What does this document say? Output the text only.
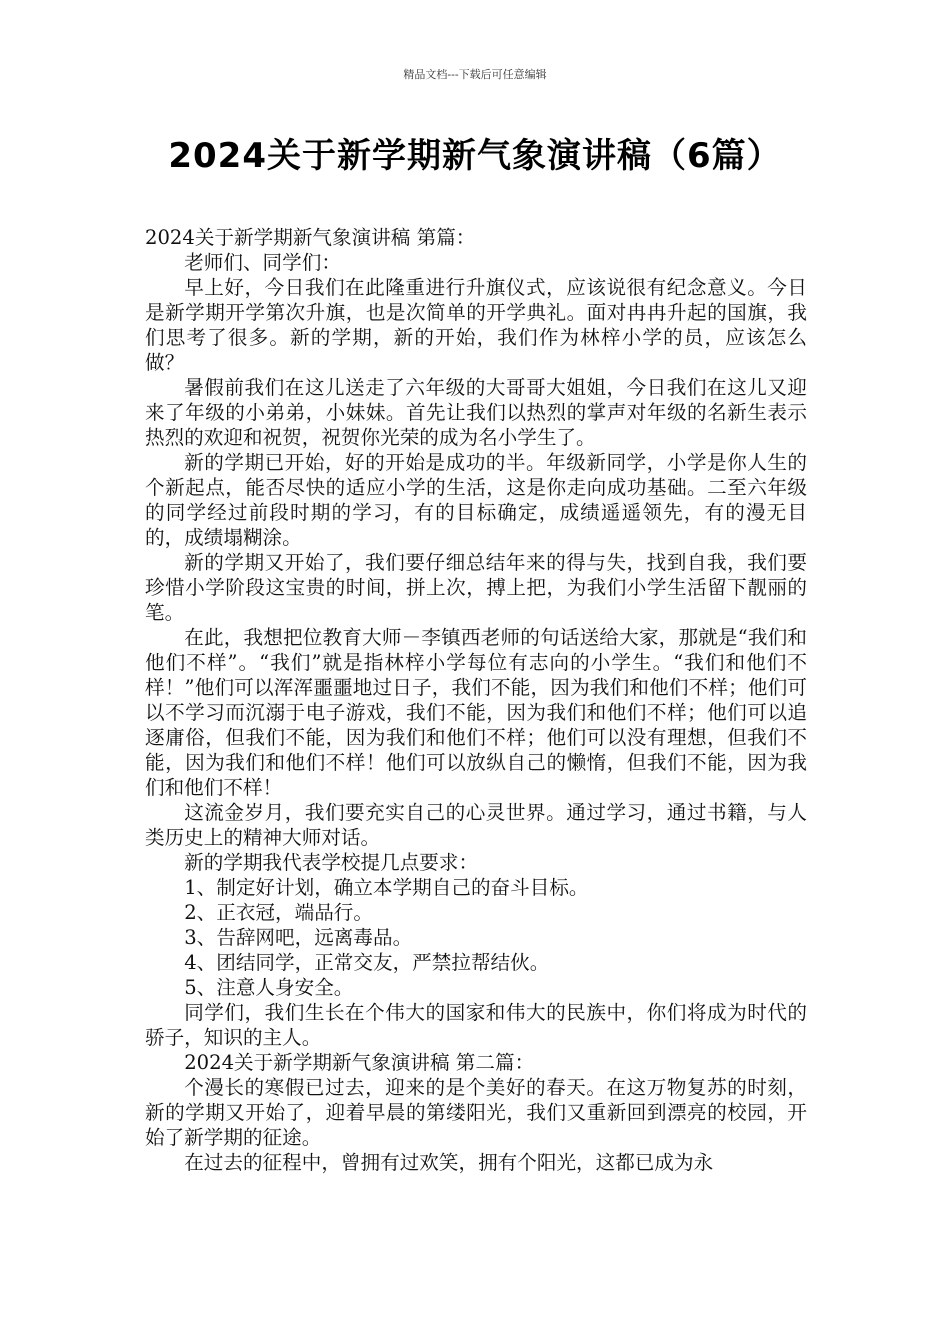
精品文档---下载后可任意编辑
2024关于新学期新气象演讲稿（6篇）

2024关于新学期新气象演讲稿 第篇：

老师们、同学们：

早上好，今日我们在此隆重进行升旗仪式，应该说很有纪念意义。今日是新学期开学第次升旗，也是次简单的开学典礼。面对冉冉升起的国旗，我们思考了很多。新的学期，新的开始，我们作为林梓小学的员，应该怎么做？

暑假前我们在这儿送走了六年级的大哥哥大姐姐，今日我们在这儿又迎来了年级的小弟弟，小妹妹。首先让我们以热烈的掌声对年级的名新生表示热烈的欢迎和祝贺，祝贺你光荣的成为名小学生了。

新的学期已开始，好的开始是成功的半。年级新同学，小学是你人生的个新起点，能否尽快的适应小学的生活，这是你走向成功基础。二至六年级的同学经过前段时期的学习，有的目标确定，成绩遥遥领先，有的漫无目的，成绩塌糊涂。

新的学期又开始了，我们要仔细总结年来的得与失，找到自我，我们要珍惜小学阶段这宝贵的时间，拼上次，搏上把，为我们小学生活留下靓丽的笔。

在此，我想把位教育大师－李镇西老师的句话送给大家，那就是“我们和他们不样”。“我们”就是指林梓小学每位有志向的小学生。“我们和他们不样！”他们可以浑浑噩噩地过日子，我们不能，因为我们和他们不样；他们可以不学习而沉溺于电子游戏，我们不能，因为我们和他们不样；他们可以追逐庸俗，但我们不能，因为我们和他们不样；他们可以没有理想，但我们不能，因为我们和他们不样！他们可以放纵自己的懒惰，但我们不能，因为我们和他们不样！

这流金岁月，我们要充实自己的心灵世界。通过学习，通过书籍，与人类历史上的精神大师对话。

新的学期我代表学校提几点要求：

1、制定好计划，确立本学期自己的奋斗目标。

2、正衣冠，端品行。

3、告辞网吧，远离毒品。

4、团结同学，正常交友，严禁拉帮结伙。

5、注意人身安全。

同学们，我们生长在个伟大的国家和伟大的民族中，你们将成为时代的骄子，知识的主人。

2024关于新学期新气象演讲稿 第二篇：

个漫长的寒假已过去，迎来的是个美好的春天。在这万物复苏的时刻，新的学期又开始了，迎着早晨的第缕阳光，我们又重新回到漂亮的校园，开始了新学期的征途。

在过去的征程中，曾拥有过欢笑，拥有个阳光，这都已成为永
